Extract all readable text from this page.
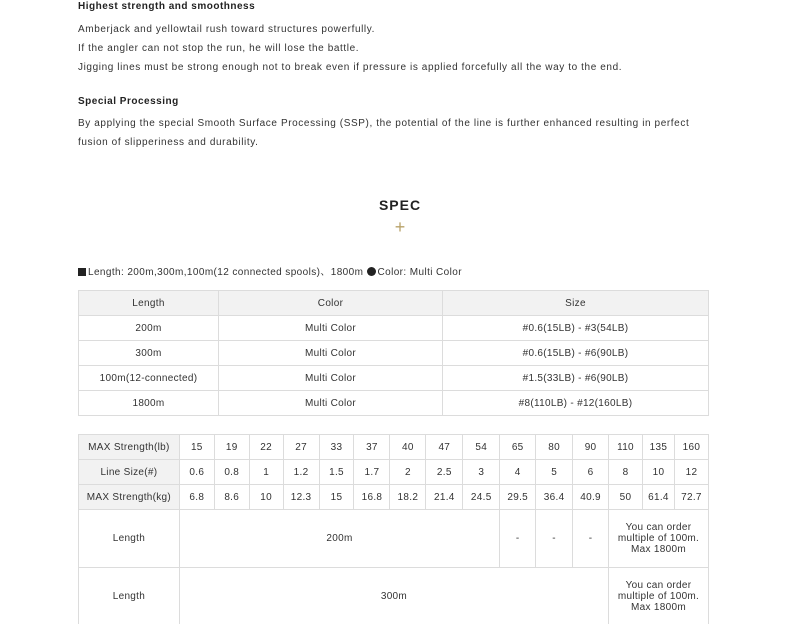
Highest strength and smoothness
Amberjack and yellowtail rush toward structures powerfully.
If the angler can not stop the run, he will lose the battle.
Jigging lines must be strong enough not to break even if pressure is applied forcefully all the way to the end.
Special Processing
By applying the special Smooth Surface Processing (SSP), the potential of the line is further enhanced resulting in perfect
fusion of slipperiness and durability.
SPEC
+
Length: 200m,300m,100m(12 connected spools)、1800m Color: Multi Color
Length	Color	Size
200m	Multi Color	#0.6(15LB) - #3(54LB)
300m	Multi Color	#0.6(15LB) - #6(90LB)
100m(12-connected)	Multi Color	#1.5(33LB) - #6(90LB)
1800m	Multi Color	#8(110LB) - #12(160LB)
MAX Strength(lb)	15	19	22	27	33	37	40	47	54	65	80	90	110	135	160
Line Size(#)	0.6	0.8	1	1.2	1.5	1.7	2	2.5	3	4	5	6	8	10	12
MAX Strength(kg)	6.8	8.6	10	12.3	15	16.8	18.2	21.4	24.5	29.5	36.4	40.9	50	61.4	72.7
Length	200m									-	-	-	You can order multiple of 100m.　Max 1800m		
Length	300m												You can order multiple of 100m.　Max 1800m		
